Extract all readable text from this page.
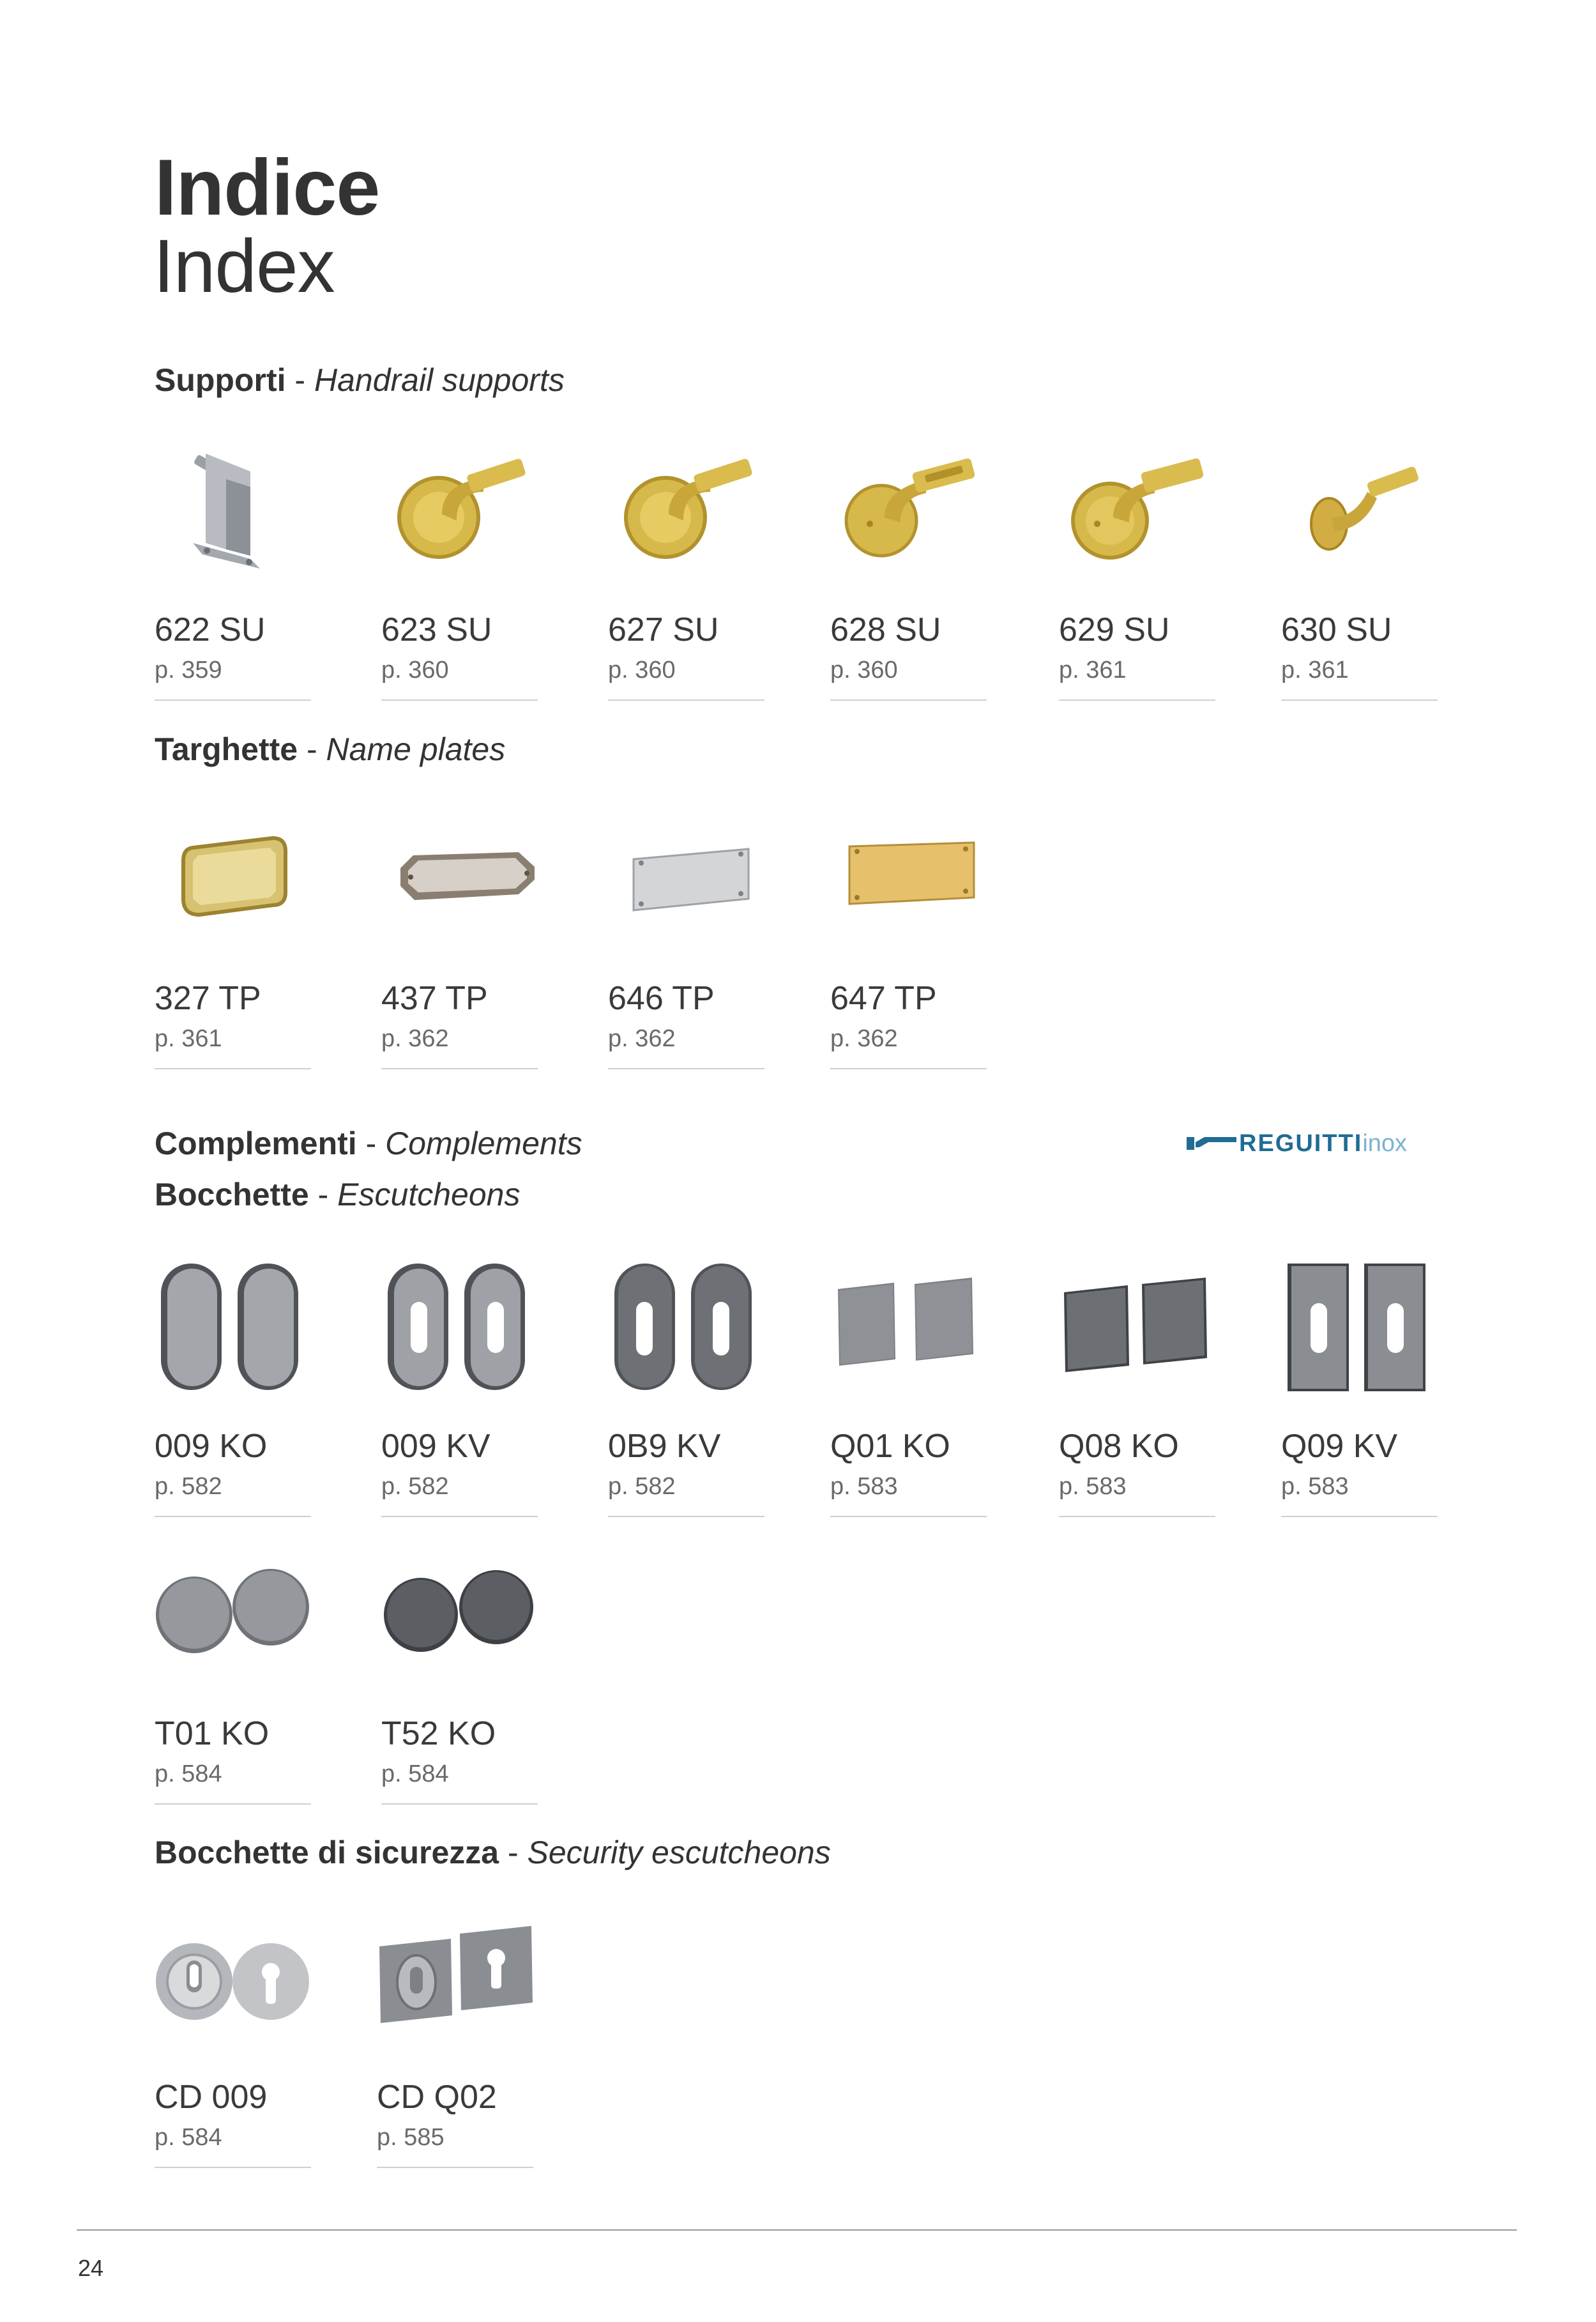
Indice
Index
Supporti - Handrail supports
622 SU
p. 359
623 SU
p. 360
627 SU
p. 360
628 SU
p. 360
629 SU
p. 361
630 SU
p. 361
Targhette - Name plates
327 TP
p. 361
437 TP
p. 362
646 TP
p. 362
647 TP
p. 362
Complementi - Complements	REGUITTIinox
Bocchette - Escutcheons
009 KO
p. 582
009 KV
p. 582
0B9 KV
p. 582
Q01 KO
p. 583
Q08 KO
p. 583
Q09 KV
p. 583
T01 KO
p. 584
T52 KO
p. 584
Bocchette di sicurezza - Security escutcheons
CD 009
p. 584
CD Q02
p. 585
24
